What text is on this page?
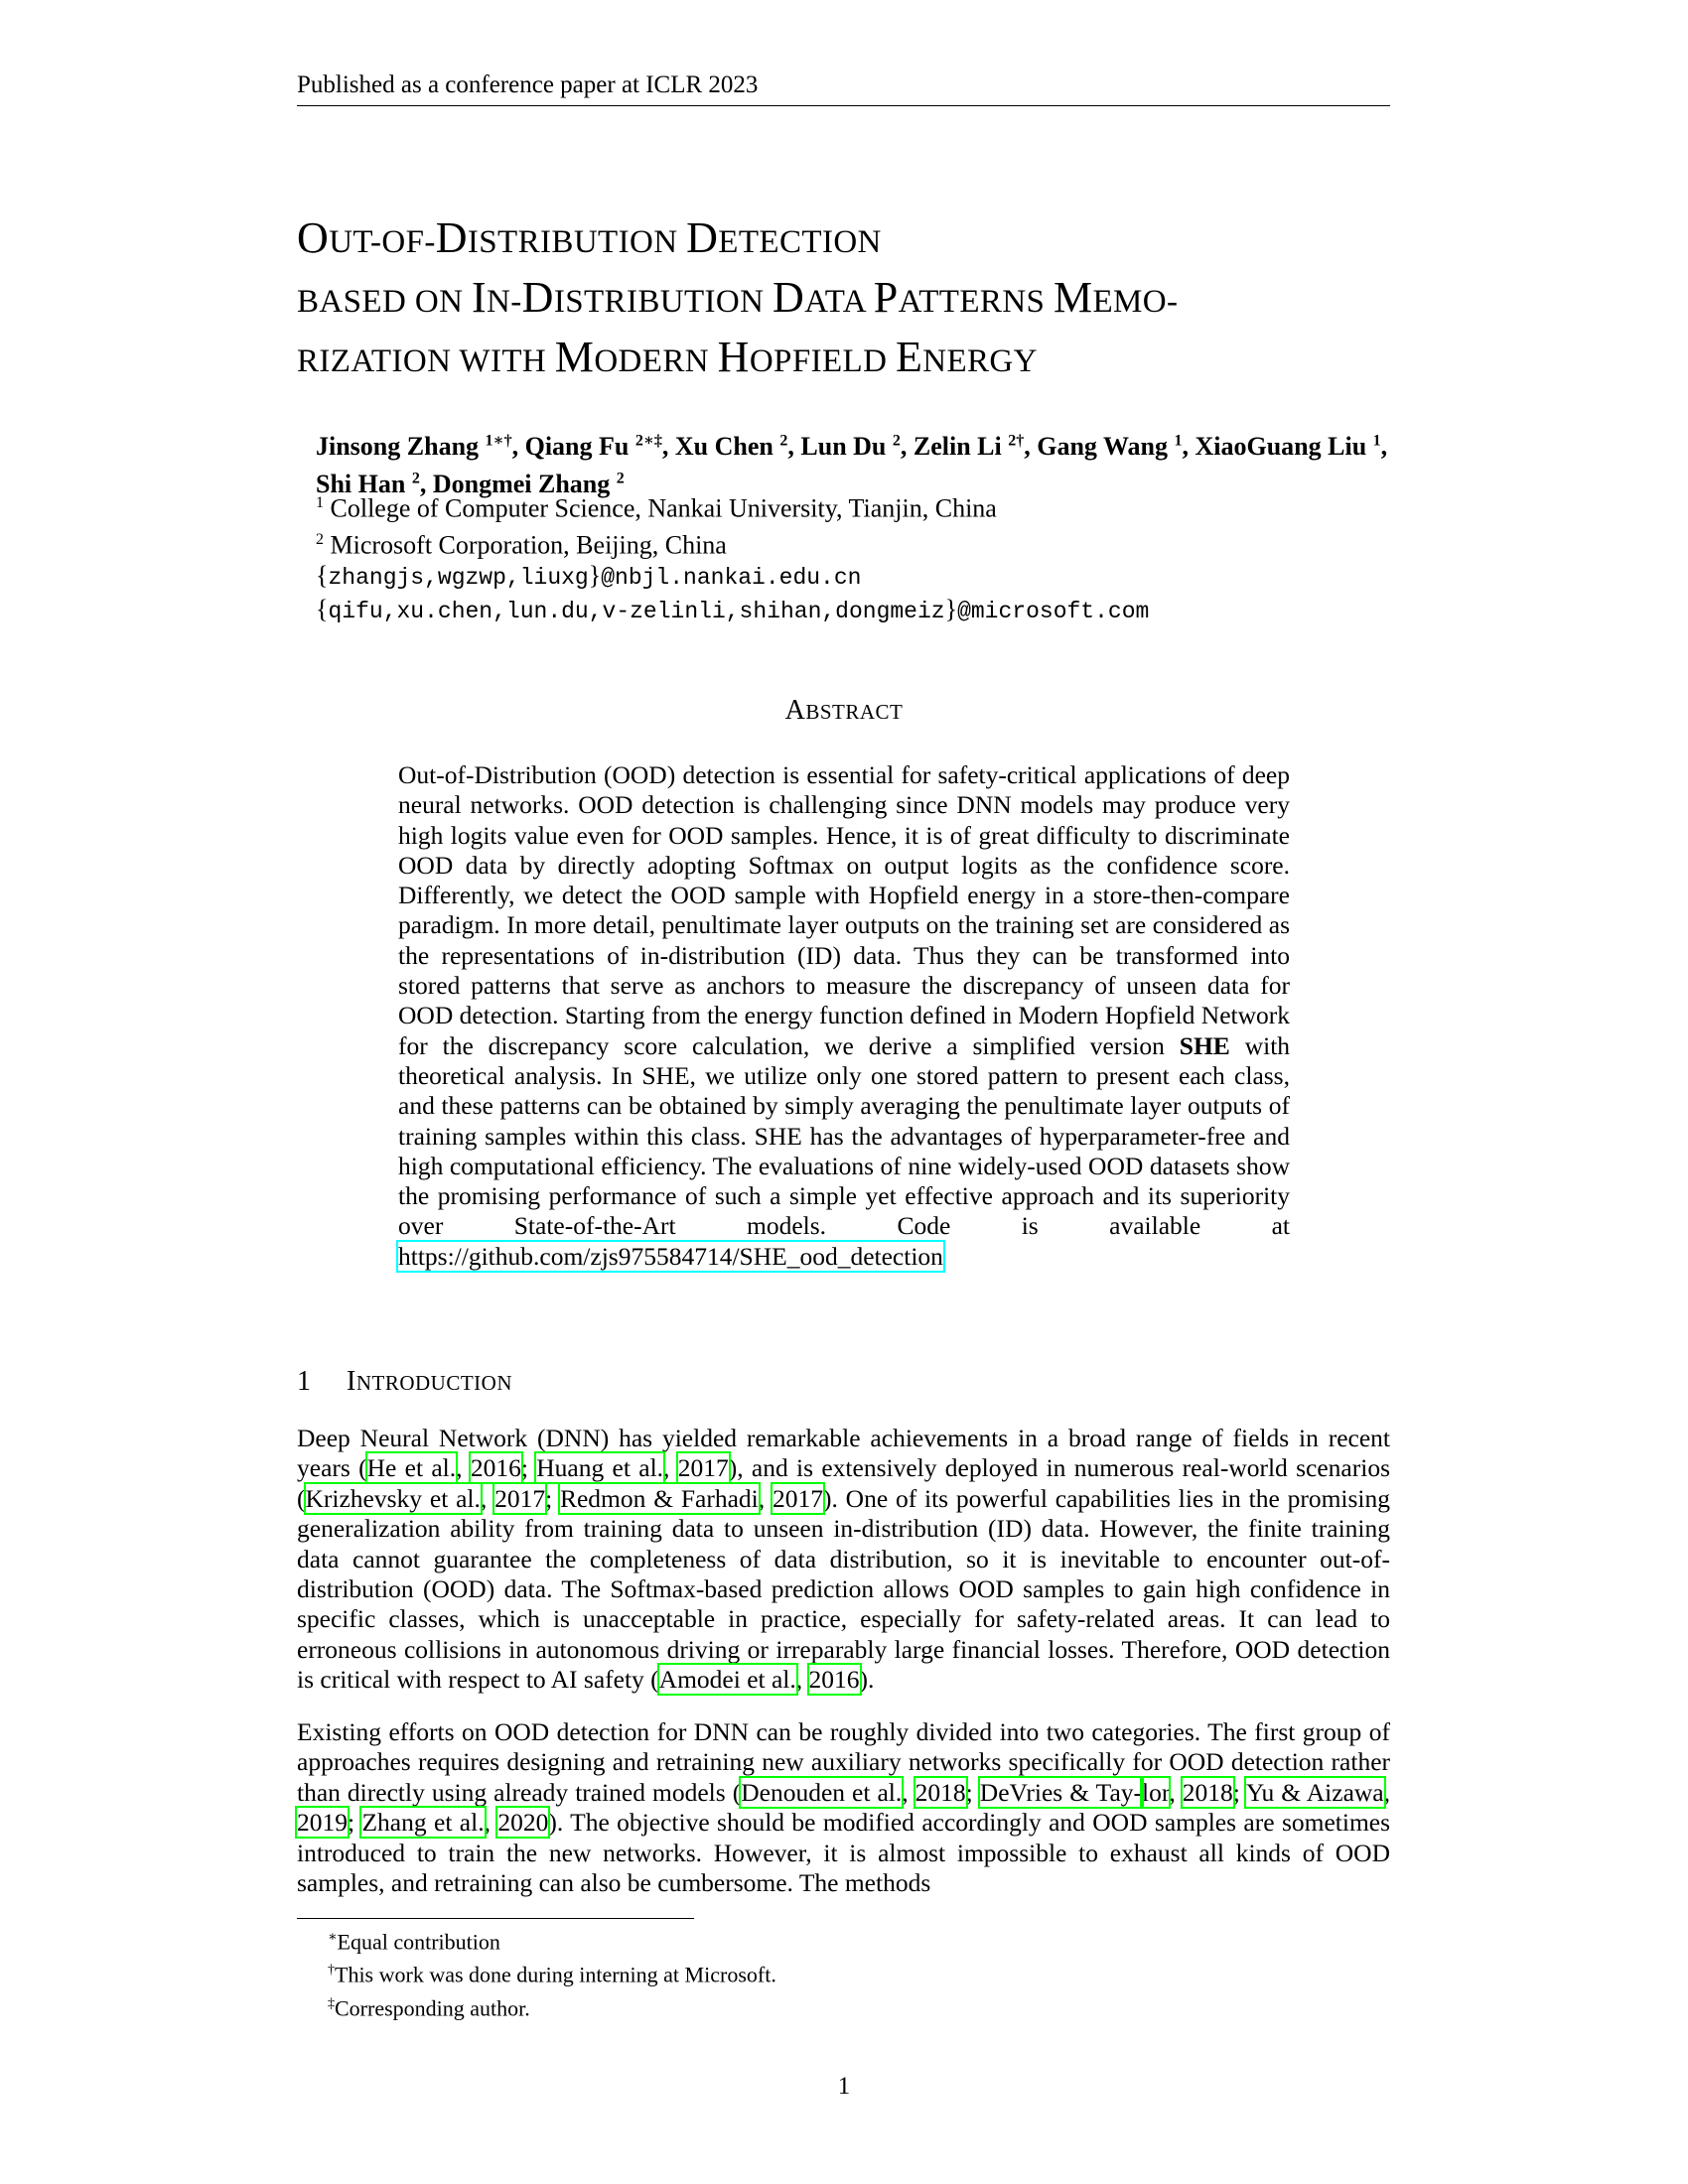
Published as a conference paper at ICLR 2023
OUT-OF-DISTRIBUTION DETECTION
BASED ON IN-DISTRIBUTION DATA PATTERNS MEMO-
RIZATION WITH MODERN HOPFIELD ENERGY
Jinsong Zhang $^{1∗\dagger}$, Qiang Fu $^{2∗\ddagger}$, Xu Chen $^2$, Lun Du $^2$, Zelin Li $^{2\dagger}$, Gang Wang $^1$, XiaoGuang Liu $^1$,
Shi Han $^2$, Dongmei Zhang $^2$
$^1$ College of Computer Science, Nankai University, Tianjin, China
$^2$ Microsoft Corporation, Beijing, China
{zhangjs,wgzwp,liuxg}@nbjl.nankai.edu.cn
{qifu,xu.chen,lun.du,v-zelinli,shihan,dongmeiz}@microsoft.com
ABSTRACT
Out-of-Distribution (OOD) detection is essential for safety-critical applications of deep neural networks. OOD detection is challenging since DNN models may produce very high logits value even for OOD samples. Hence, it is of great difficulty to discriminate OOD data by directly adopting Softmax on output logits as the confidence score. Differently, we detect the OOD sample with Hopfield energy in a store-then-compare paradigm. In more detail, penultimate layer outputs on the training set are considered as the representations of in-distribution (ID) data. Thus they can be transformed into stored patterns that serve as anchors to measure the discrepancy of unseen data for OOD detection. Starting from the energy function defined in Modern Hopfield Network for the discrepancy score calculation, we derive a simplified version SHE with theoretical analysis. In SHE, we utilize only one stored pattern to present each class, and these patterns can be obtained by simply averaging the penultimate layer outputs of training samples within this class. SHE has the advantages of hyperparameter-free and high computational efficiency. The evaluations of nine widely-used OOD datasets show the promising performance of such a simple yet effective approach and its superiority over State-of-the-Art models. Code is available at https://github.com/zjs975584714/SHE_ood_detection
1 INTRODUCTION
Deep Neural Network (DNN) has yielded remarkable achievements in a broad range of fields in recent years (He et al., 2016; Huang et al., 2017), and is extensively deployed in numerous real-world scenarios (Krizhevsky et al., 2017; Redmon & Farhadi, 2017). One of its powerful capabilities lies in the promising generalization ability from training data to unseen in-distribution (ID) data. However, the finite training data cannot guarantee the completeness of data distribution, so it is inevitable to encounter out-of-distribution (OOD) data. The Softmax-based prediction allows OOD samples to gain high confidence in specific classes, which is unacceptable in practice, especially for safety-related areas. It can lead to erroneous collisions in autonomous driving or irreparably large financial losses. Therefore, OOD detection is critical with respect to AI safety (Amodei et al., 2016).
Existing efforts on OOD detection for DNN can be roughly divided into two categories. The first group of approaches requires designing and retraining new auxiliary networks specifically for OOD detection rather than directly using already trained models (Denouden et al., 2018; DeVries & Tay-lor, 2018; Yu & Aizawa, 2019; Zhang et al., 2020). The objective should be modified accordingly and OOD samples are sometimes introduced to train the new networks. However, it is almost impossible to exhaust all kinds of OOD samples, and retraining can also be cumbersome. The methods
∗Equal contribution
†This work was done during interning at Microsoft.
‡Corresponding author.
1
